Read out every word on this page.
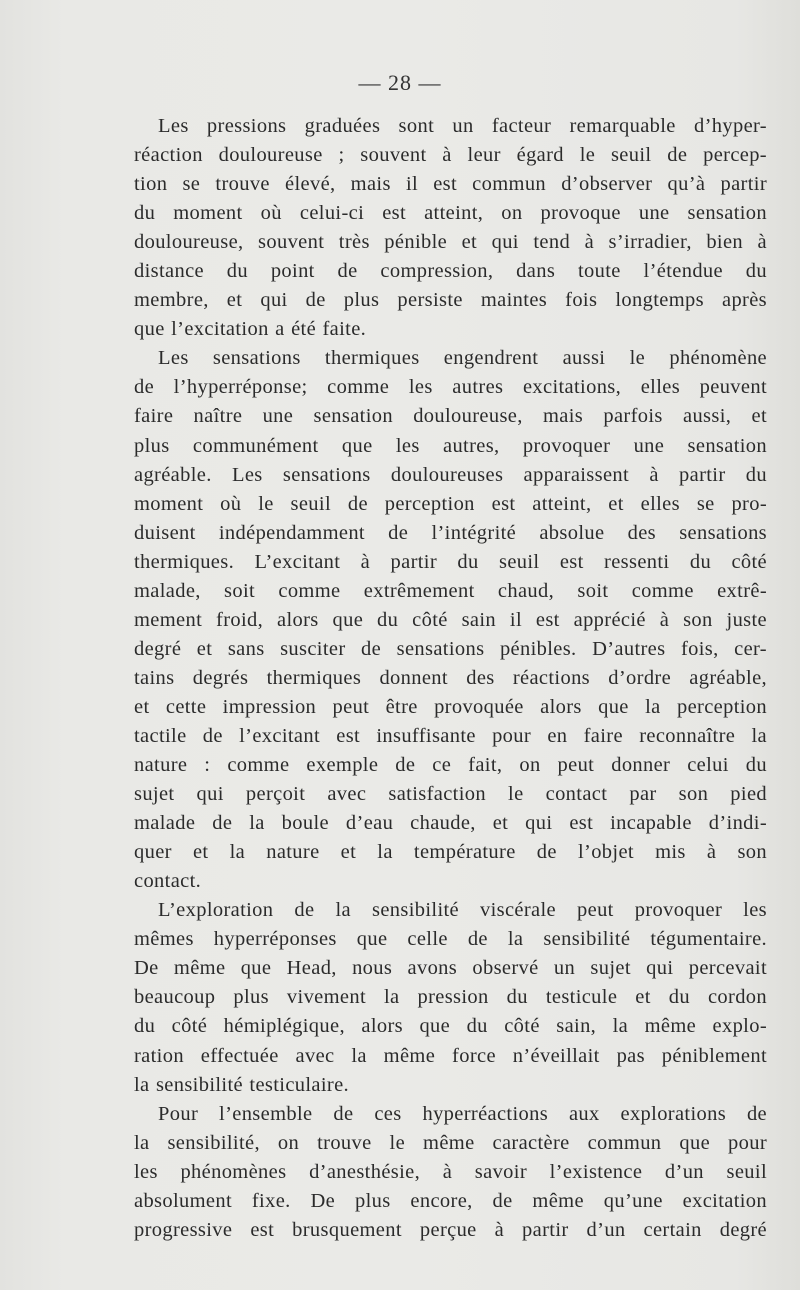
— 28 —
Les pressions graduées sont un facteur remarquable d’hyper-
réaction douloureuse ; souvent à leur égard le seuil de percep-
tion se trouve élevé, mais il est commun d’observer qu’à partir
du moment où celui-ci est atteint, on provoque une sensation
douloureuse, souvent très pénible et qui tend à s’irradier, bien à
distance du point de compression, dans toute l’étendue du
membre, et qui de plus persiste maintes fois longtemps après
que l’excitation a été faite.
Les sensations thermiques engendrent aussi le phénomène
de l’hyperréponse; comme les autres excitations, elles peuvent
faire naître une sensation douloureuse, mais parfois aussi, et
plus communément que les autres, provoquer une sensation
agréable. Les sensations douloureuses apparaissent à partir du
moment où le seuil de perception est atteint, et elles se pro-
duisent indépendamment de l’intégrité absolue des sensations
thermiques. L’excitant à partir du seuil est ressenti du côté
malade, soit comme extrêmement chaud, soit comme extrê-
mement froid, alors que du côté sain il est apprécié à son juste
degré et sans susciter de sensations pénibles. D’autres fois, cer-
tains degrés thermiques donnent des réactions d’ordre agréable,
et cette impression peut être provoquée alors que la perception
tactile de l’excitant est insuffisante pour en faire reconnaître la
nature : comme exemple de ce fait, on peut donner celui du
sujet qui perçoit avec satisfaction le contact par son pied
malade de la boule d’eau chaude, et qui est incapable d’indi-
quer et la nature et la température de l’objet mis à son
contact.
L’exploration de la sensibilité viscérale peut provoquer les
mêmes hyperréponses que celle de la sensibilité tégumentaire.
De même que Head, nous avons observé un sujet qui percevait
beaucoup plus vivement la pression du testicule et du cordon
du côté hémiplégique, alors que du côté sain, la même explo-
ration effectuée avec la même force n’éveillait pas péniblement
la sensibilité testiculaire.
Pour l’ensemble de ces hyperréactions aux explorations de
la sensibilité, on trouve le même caractère commun que pour
les phénomènes d’anesthésie, à savoir l’existence d’un seuil
absolument fixe. De plus encore, de même qu’une excitation
progressive est brusquement perçue à partir d’un certain degré
